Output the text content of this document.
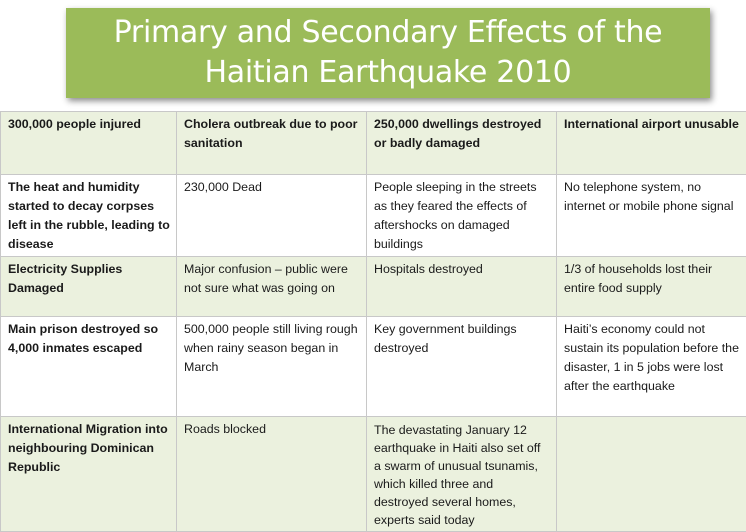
Primary and Secondary Effects of the
Haitian Earthquake 2010
300,000 people injured	Cholera outbreak due to poor sanitation	250,000 dwellings destroyed or badly damaged	International airport unusable
The heat and humidity started to decay corpses left in the rubble, leading to disease	230,000 Dead	People sleeping in the streets as they feared the effects of aftershocks on damaged buildings	No telephone system, no internet or mobile phone signal
Electricity Supplies Damaged	Major confusion – public were not sure what was going on	Hospitals destroyed	1/3 of households lost their entire food supply
Main prison destroyed so 4,000 inmates escaped	500,000 people still living rough when rainy season began in March	Key government buildings destroyed	Haiti’s economy could not sustain its population before the disaster, 1 in 5 jobs were lost after the earthquake
International Migration into neighbouring Dominican Republic	Roads blocked	The devastating January 12 earthquake in Haiti also set off a swarm of unusual tsunamis, which killed three and destroyed several homes, experts said today	
